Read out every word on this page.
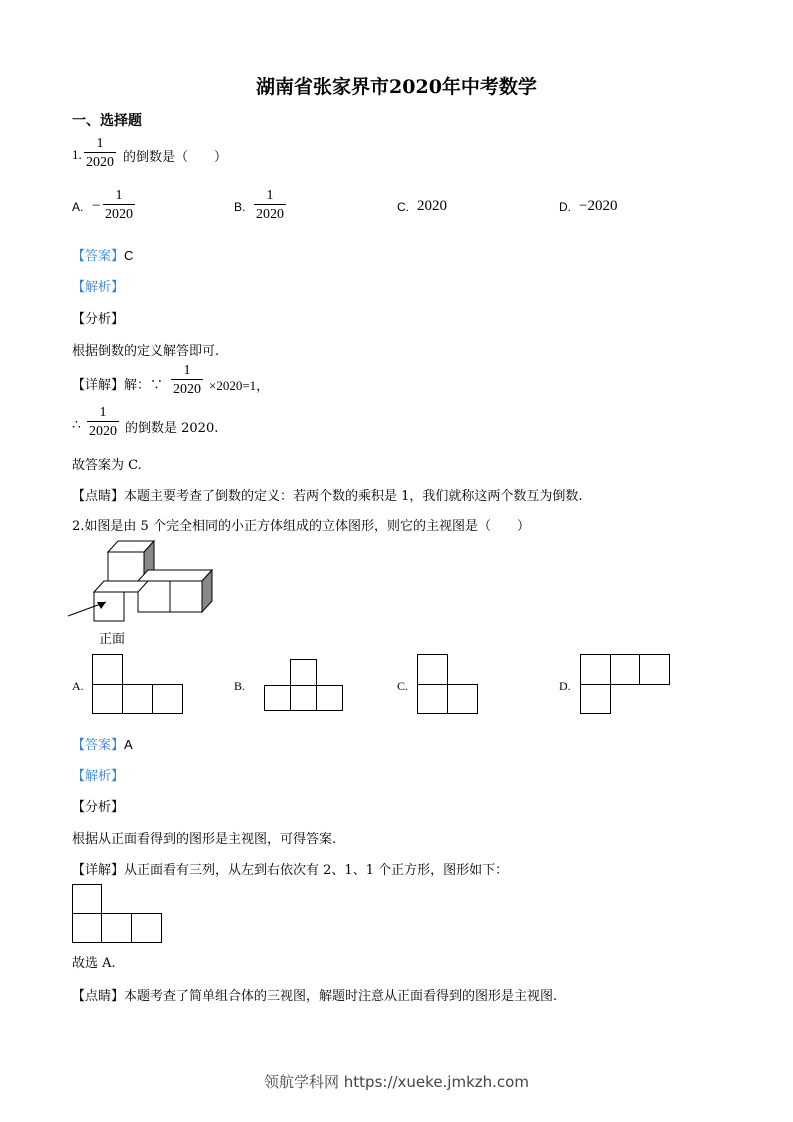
湖南省张家界市2020年中考数学
一、选择题
1. $\frac{1}{2020}$ 的倒数是（　　）
A. − $\frac{1}{2020}$	B. $\frac{1}{2020}$	C. 2020	D. −2020
【答案】C
【解析】
【分析】
根据倒数的定义解答即可.
【详解】解：∵ $\frac{1}{2020} \times 2020=1$，
∴ $\frac{1}{2020}$ 的倒数是 2020.
故答案为 C.
【点睛】本题主要考查了倒数的定义：若两个数的乘积是 1，我们就称这两个数互为倒数.
2.如图是由 5 个完全相同的小正方体组成的立体图形，则它的主视图是（　　）
正面
A.	B.	C.	D.
【答案】A
【解析】
【分析】
根据从正面看得到的图形是主视图，可得答案.
【详解】从正面看有三列，从左到右依次有 2、1、1 个正方形，图形如下：
故选 A.
【点睛】本题考查了简单组合体的三视图，解题时注意从正面看得到的图形是主视图.
领航学科网 https://xueke.jmkzh.com
